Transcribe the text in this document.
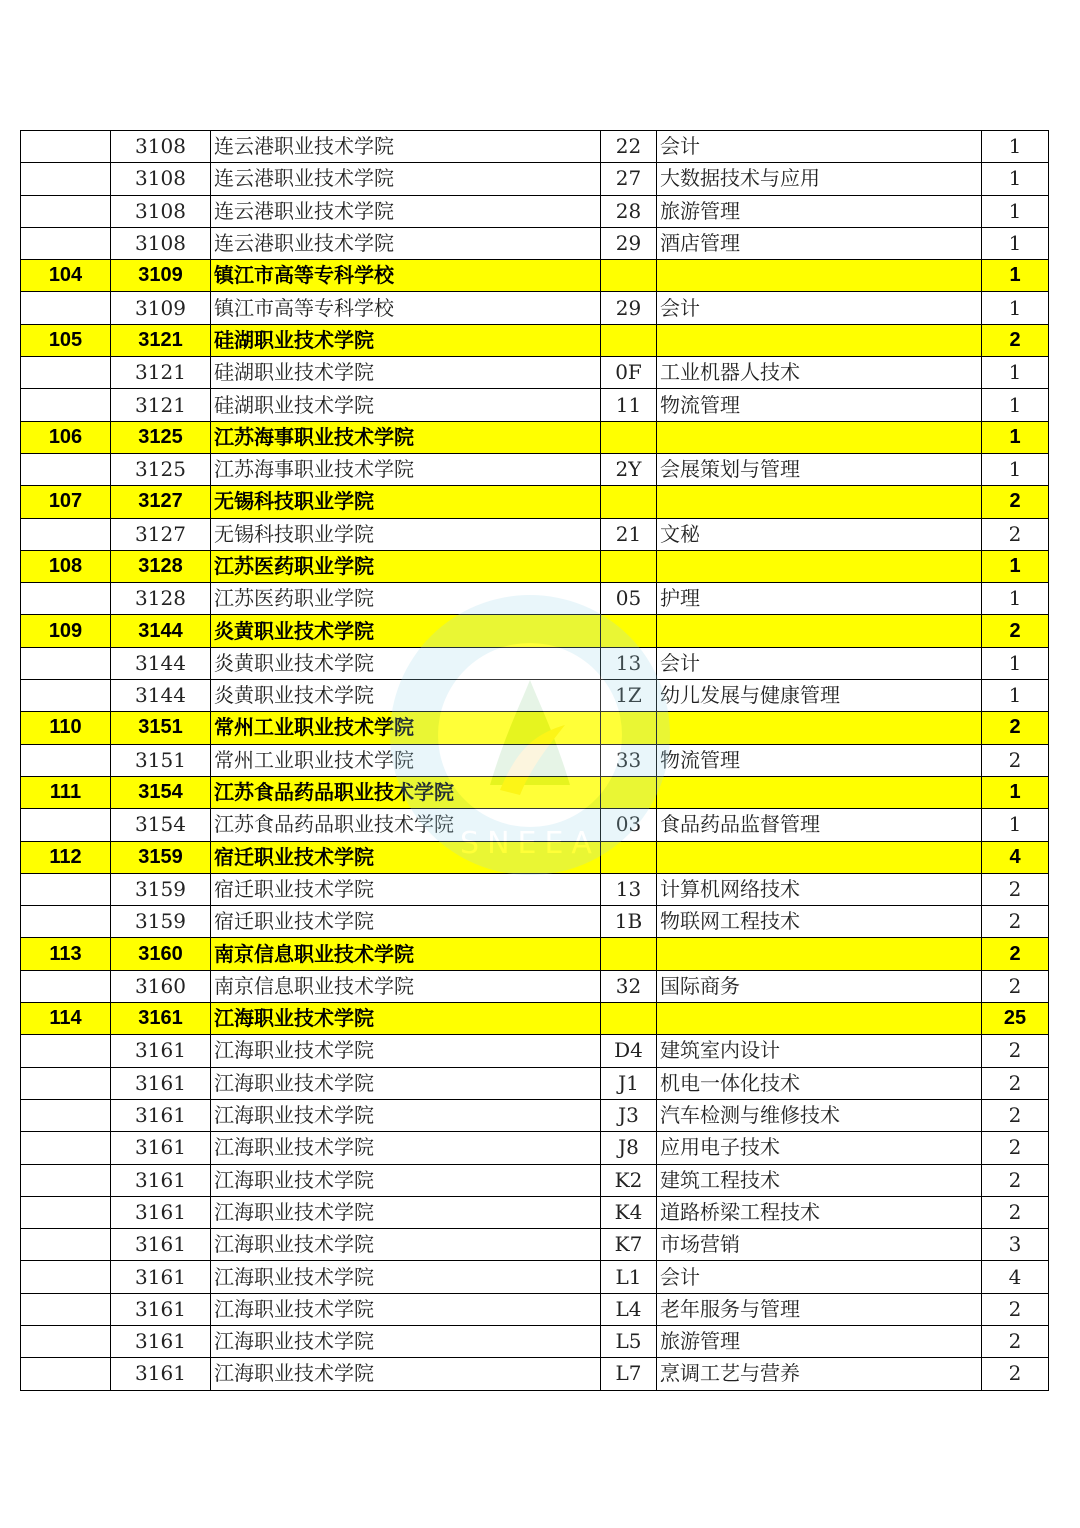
	3108	连云港职业技术学院	22	会计	1
	3108	连云港职业技术学院	27	大数据技术与应用	1
	3108	连云港职业技术学院	28	旅游管理	1
	3108	连云港职业技术学院	29	酒店管理	1
104	3109	镇江市高等专科学校			1
	3109	镇江市高等专科学校	29	会计	1
105	3121	硅湖职业技术学院			2
	3121	硅湖职业技术学院	0F	工业机器人技术	1
	3121	硅湖职业技术学院	11	物流管理	1
106	3125	江苏海事职业技术学院			1
	3125	江苏海事职业技术学院	2Y	会展策划与管理	1
107	3127	无锡科技职业学院			2
	3127	无锡科技职业学院	21	文秘	2
108	3128	江苏医药职业学院			1
	3128	江苏医药职业学院	05	护理	1
109	3144	炎黄职业技术学院			2
	3144	炎黄职业技术学院	13	会计	1
	3144	炎黄职业技术学院	1Z	幼儿发展与健康管理	1
110	3151	常州工业职业技术学院			2
	3151	常州工业职业技术学院	33	物流管理	2
111	3154	江苏食品药品职业技术学院			1
	3154	江苏食品药品职业技术学院	03	食品药品监督管理	1
112	3159	宿迁职业技术学院			4
	3159	宿迁职业技术学院	13	计算机网络技术	2
	3159	宿迁职业技术学院	1B	物联网工程技术	2
113	3160	南京信息职业技术学院			2
	3160	南京信息职业技术学院	32	国际商务	2
114	3161	江海职业技术学院			25
	3161	江海职业技术学院	D4	建筑室内设计	2
	3161	江海职业技术学院	J1	机电一体化技术	2
	3161	江海职业技术学院	J3	汽车检测与维修技术	2
	3161	江海职业技术学院	J8	应用电子技术	2
	3161	江海职业技术学院	K2	建筑工程技术	2
	3161	江海职业技术学院	K4	道路桥梁工程技术	2
	3161	江海职业技术学院	K7	市场营销	3
	3161	江海职业技术学院	L1	会计	4
	3161	江海职业技术学院	L4	老年服务与管理	2
	3161	江海职业技术学院	L5	旅游管理	2
	3161	江海职业技术学院	L7	烹调工艺与营养	2
SNEEA
